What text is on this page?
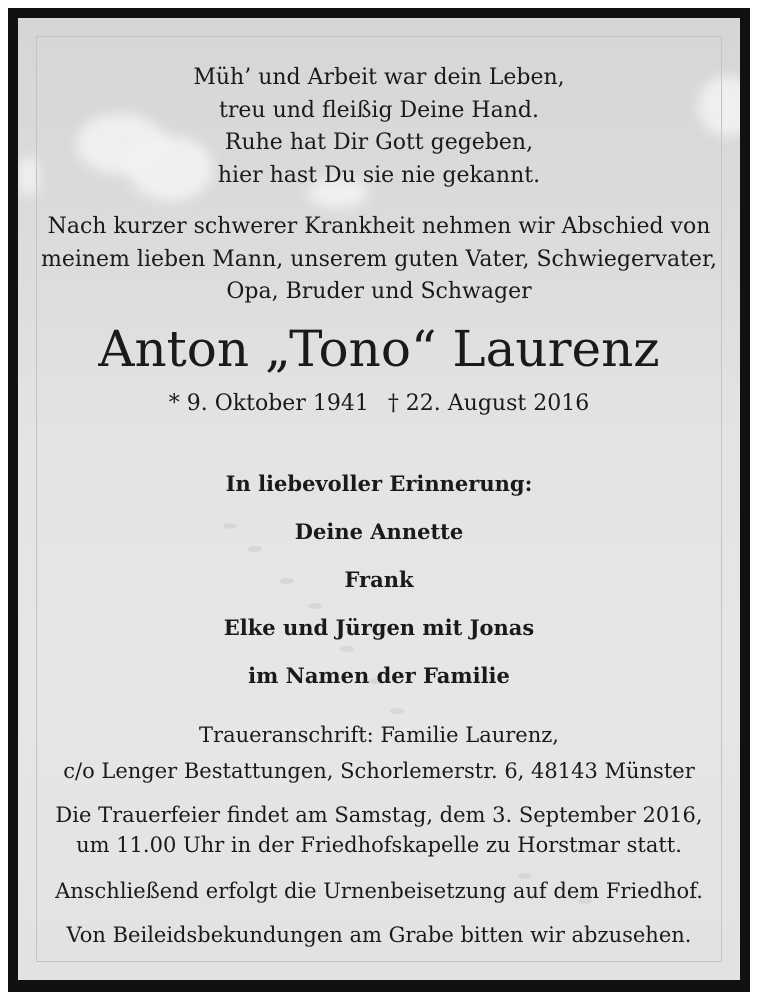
Müh’ und Arbeit war dein Leben,
treu und fleißig Deine Hand.
Ruhe hat Dir Gott gegeben,
hier hast Du sie nie gekannt.
Nach kurzer schwerer Krankheit nehmen wir Abschied von
meinem lieben Mann, unserem guten Vater, Schwiegervater,
Opa, Bruder und Schwager
Anton „Tono“ Laurenz
* 9. Oktober 1941 † 22. August 2016
In liebevoller Erinnerung:
Deine Annette
Frank
Elke und Jürgen mit Jonas
im Namen der Familie
Traueranschrift: Familie Laurenz,
c/o Lenger Bestattungen, Schorlemerstr. 6, 48143 Münster
Die Trauerfeier findet am Samstag, dem 3. September 2016,
um 11.00 Uhr in der Friedhofskapelle zu Horstmar statt.
Anschließend erfolgt die Urnenbeisetzung auf dem Friedhof.
Von Beileidsbekundungen am Grabe bitten wir abzusehen.
